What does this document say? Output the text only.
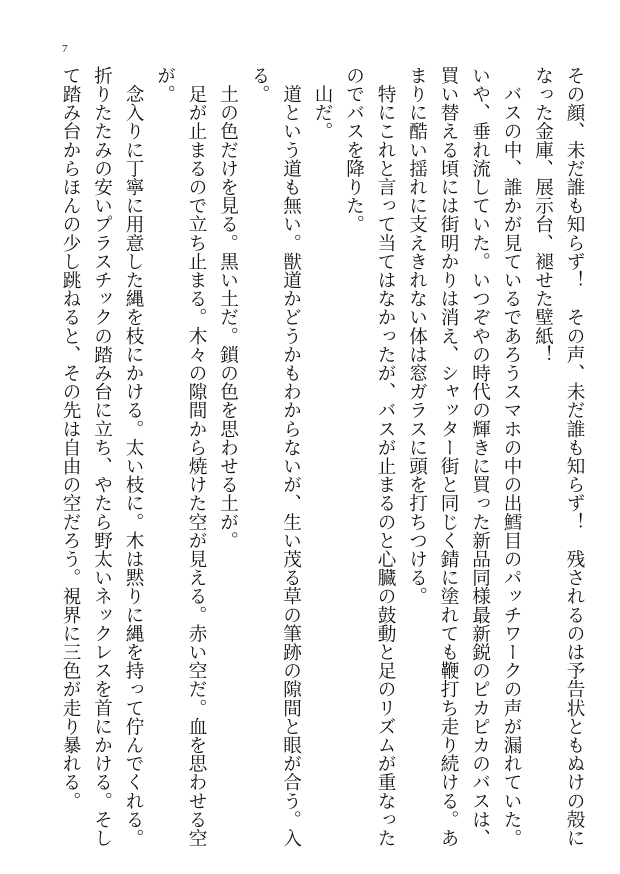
7

その顔、未だ誰も知らず！　その声、未だ誰も知らず！　残されるのは予告状ともぬけの殻になった金庫、展示台、褪せた壁紙！

　バスの中、誰かが見ているであろうスマホの中の出鱈目のパッチワークの声が漏れていた。いや、垂れ流していた。いつぞやの時代の輝きに買った新品同様最新鋭のピカピカのバスは、買い替える頃には街明かりは消え、シャッター街と同じく錆に塗れても鞭打ち走り続ける。あまりに酷い揺れに支えきれない体は窓ガラスに頭を打ちつける。

　特にこれと言って当てはなかったが、バスが止まるのと心臓の鼓動と足のリズムが重なったのでバスを降りた。

　山だ。

　道という道も無い。獣道かどうかもわからないが、生い茂る草の筆跡の隙間と眼が合う。入る。

　土の色だけを見る。黒い土だ。鎖の色を思わせる土が。

　足が止まるので立ち止まる。木々の隙間から焼けた空が見える。赤い空だ。血を思わせる空が。

　念入りに丁寧に用意した縄を枝にかける。太い枝に。木は黙りに縄を持って佇んでくれる。折りたたみの安いプラスチックの踏み台に立ち、やたら野太いネックレスを首にかける。そして踏み台からほんの少し跳ねると、その先は自由の空だろう。視界に三色が走り暴れる。
